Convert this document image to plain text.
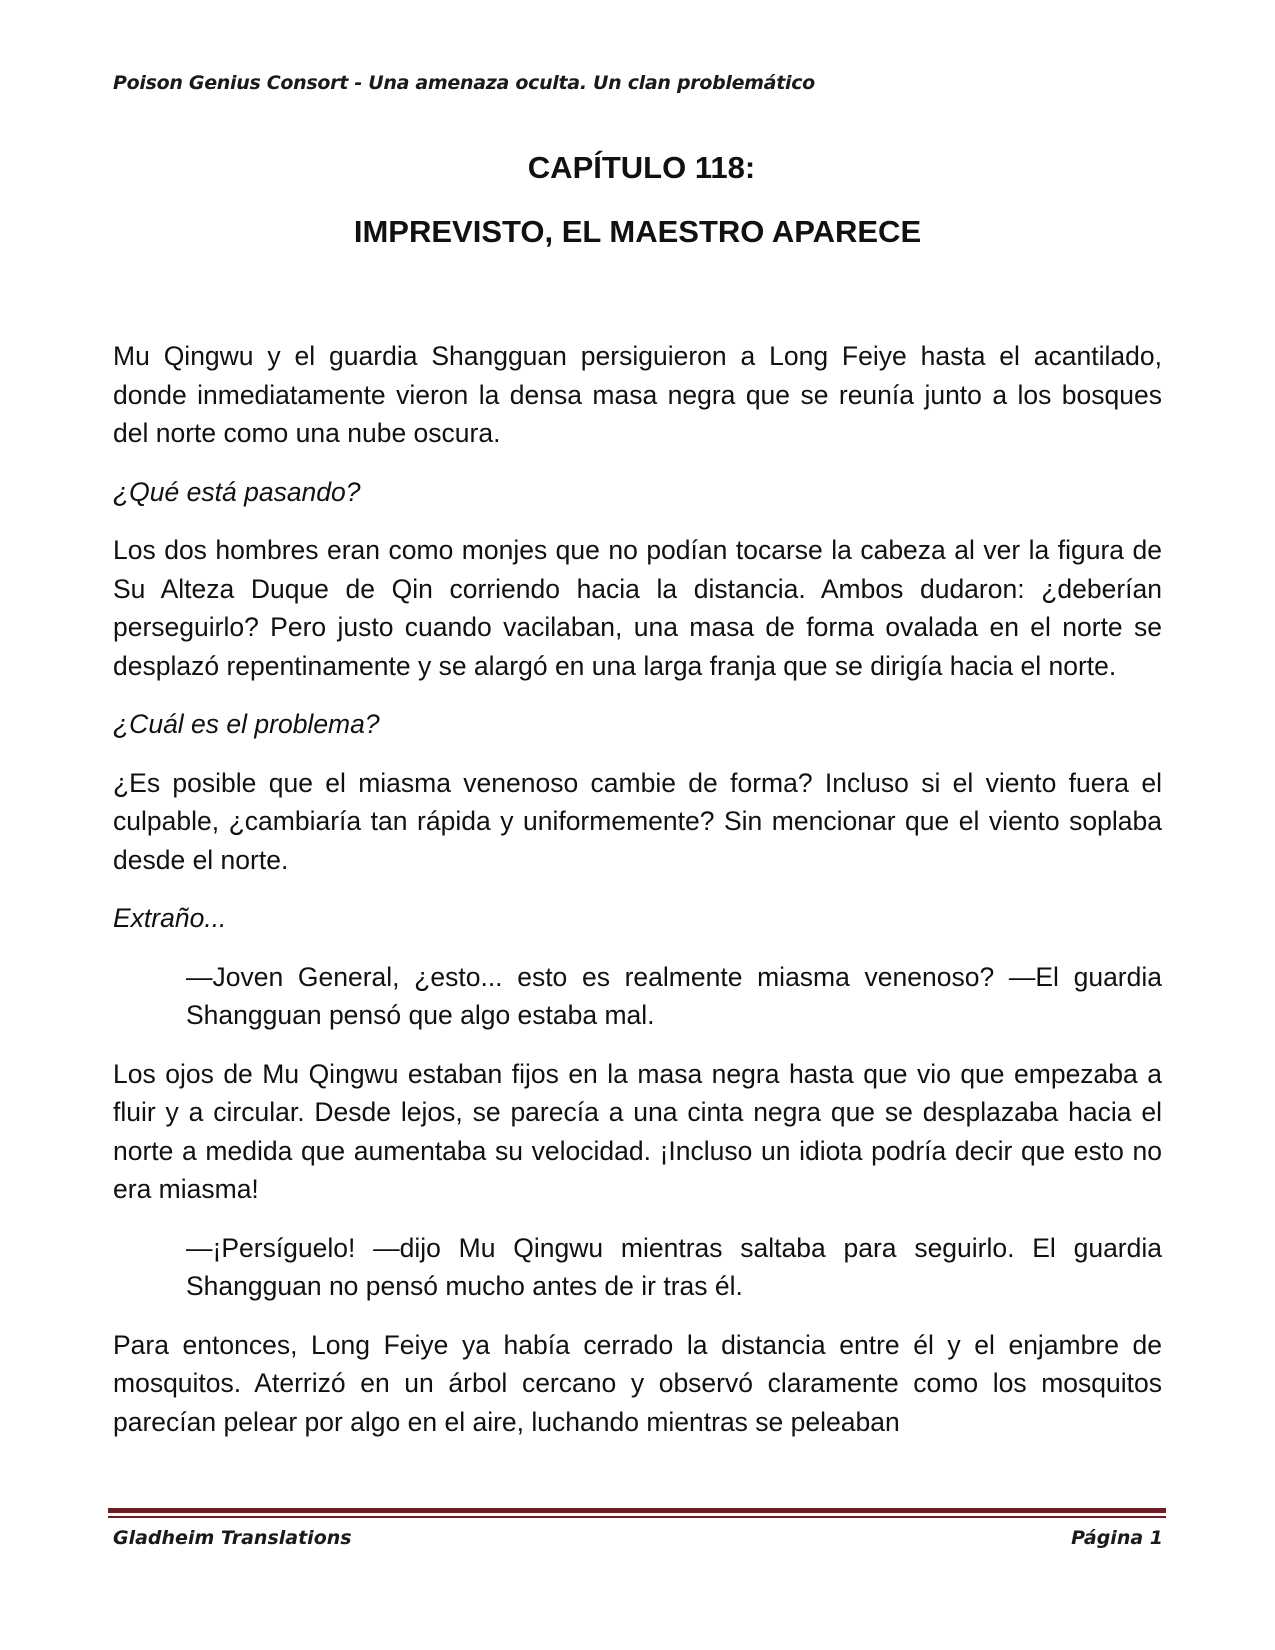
Poison Genius Consort - Una amenaza oculta. Un clan problemático
CAPÍTULO 118:
IMPREVISTO, EL MAESTRO APARECE

Mu Qingwu y el guardia Shangguan persiguieron a Long Feiye hasta el acantilado, donde inmediatamente vieron la densa masa negra que se reunía junto a los bosques del norte como una nube oscura.

¿Qué está pasando?

Los dos hombres eran como monjes que no podían tocarse la cabeza al ver la figura de Su Alteza Duque de Qin corriendo hacia la distancia. Ambos dudaron: ¿deberían perseguirlo? Pero justo cuando vacilaban, una masa de forma ovalada en el norte se desplazó repentinamente y se alargó en una larga franja que se dirigía hacia el norte.

¿Cuál es el problema?

¿Es posible que el miasma venenoso cambie de forma? Incluso si el viento fuera el culpable, ¿cambiaría tan rápida y uniformemente? Sin mencionar que el viento soplaba desde el norte.

Extraño...

—Joven General, ¿esto... esto es realmente miasma venenoso? —El guardia Shangguan pensó que algo estaba mal.

Los ojos de Mu Qingwu estaban fijos en la masa negra hasta que vio que empezaba a fluir y a circular. Desde lejos, se parecía a una cinta negra que se desplazaba hacia el norte a medida que aumentaba su velocidad. ¡Incluso un idiota podría decir que esto no era miasma!

—¡Persíguelo! —dijo Mu Qingwu mientras saltaba para seguirlo. El guardia Shangguan no pensó mucho antes de ir tras él.

Para entonces, Long Feiye ya había cerrado la distancia entre él y el enjambre de mosquitos. Aterrizó en un árbol cercano y observó claramente como los mosquitos parecían pelear por algo en el aire, luchando mientras se peleaban

Gladheim Translations	Página 1
